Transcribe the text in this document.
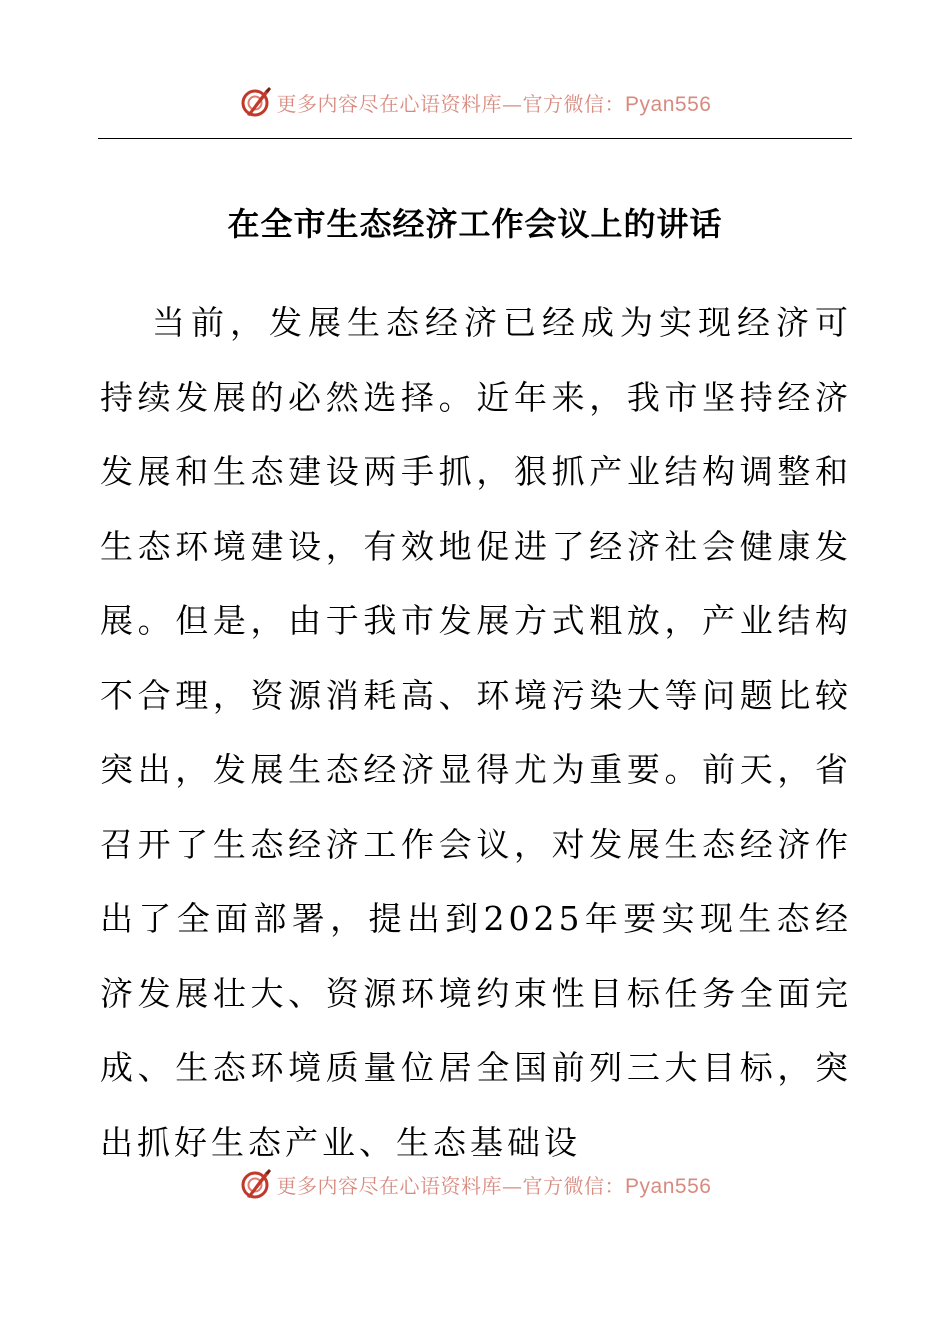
更多内容尽在心语资料库—官方微信：Pyan556
在全市生态经济工作会议上的讲话

当前，发展生态经济已经成为实现经济可持续发展的必然选择。近年来，我市坚持经济发展和生态建设两手抓，狠抓产业结构调整和生态环境建设，有效地促进了经济社会健康发展。但是，由于我市发展方式粗放，产业结构不合理，资源消耗高、环境污染大等问题比较突出，发展生态经济显得尤为重要。前天，省召开了生态经济工作会议，对发展生态经济作出了全面部署，提出到2025年要实现生态经济发展壮大、资源环境约束性目标任务全面完成、生态环境质量位居全国前列三大目标，突出抓好生态产业、生态基础设

更多内容尽在心语资料库—官方微信：Pyan556
